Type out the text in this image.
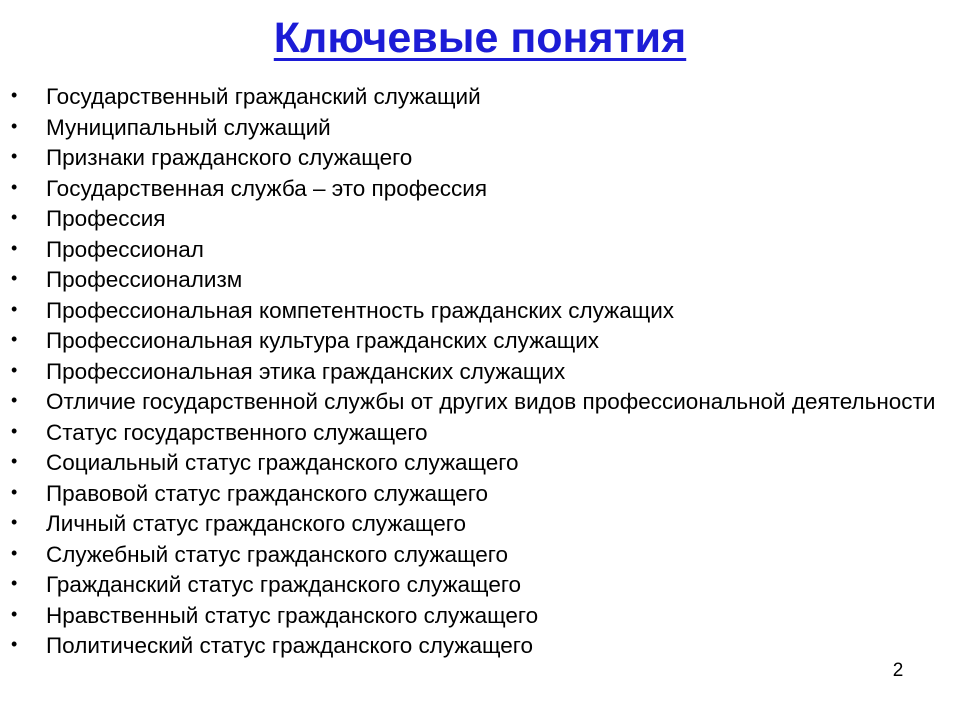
Ключевые понятия
• Государственный гражданский служащий
• Муниципальный служащий
• Признаки гражданского служащего
• Государственная служба – это профессия
• Профессия
• Профессионал
• Профессионализм
• Профессиональная компетентность гражданских служащих
• Профессиональная культура гражданских служащих
• Профессиональная этика гражданских служащих
• Отличие государственной службы от других видов профессиональной деятельности
• Статус государственного служащего
• Социальный статус гражданского служащего
• Правовой статус гражданского служащего
• Личный статус гражданского служащего
• Служебный статус гражданского служащего
• Гражданский статус гражданского служащего
• Нравственный статус гражданского служащего
• Политический статус гражданского служащего
2
